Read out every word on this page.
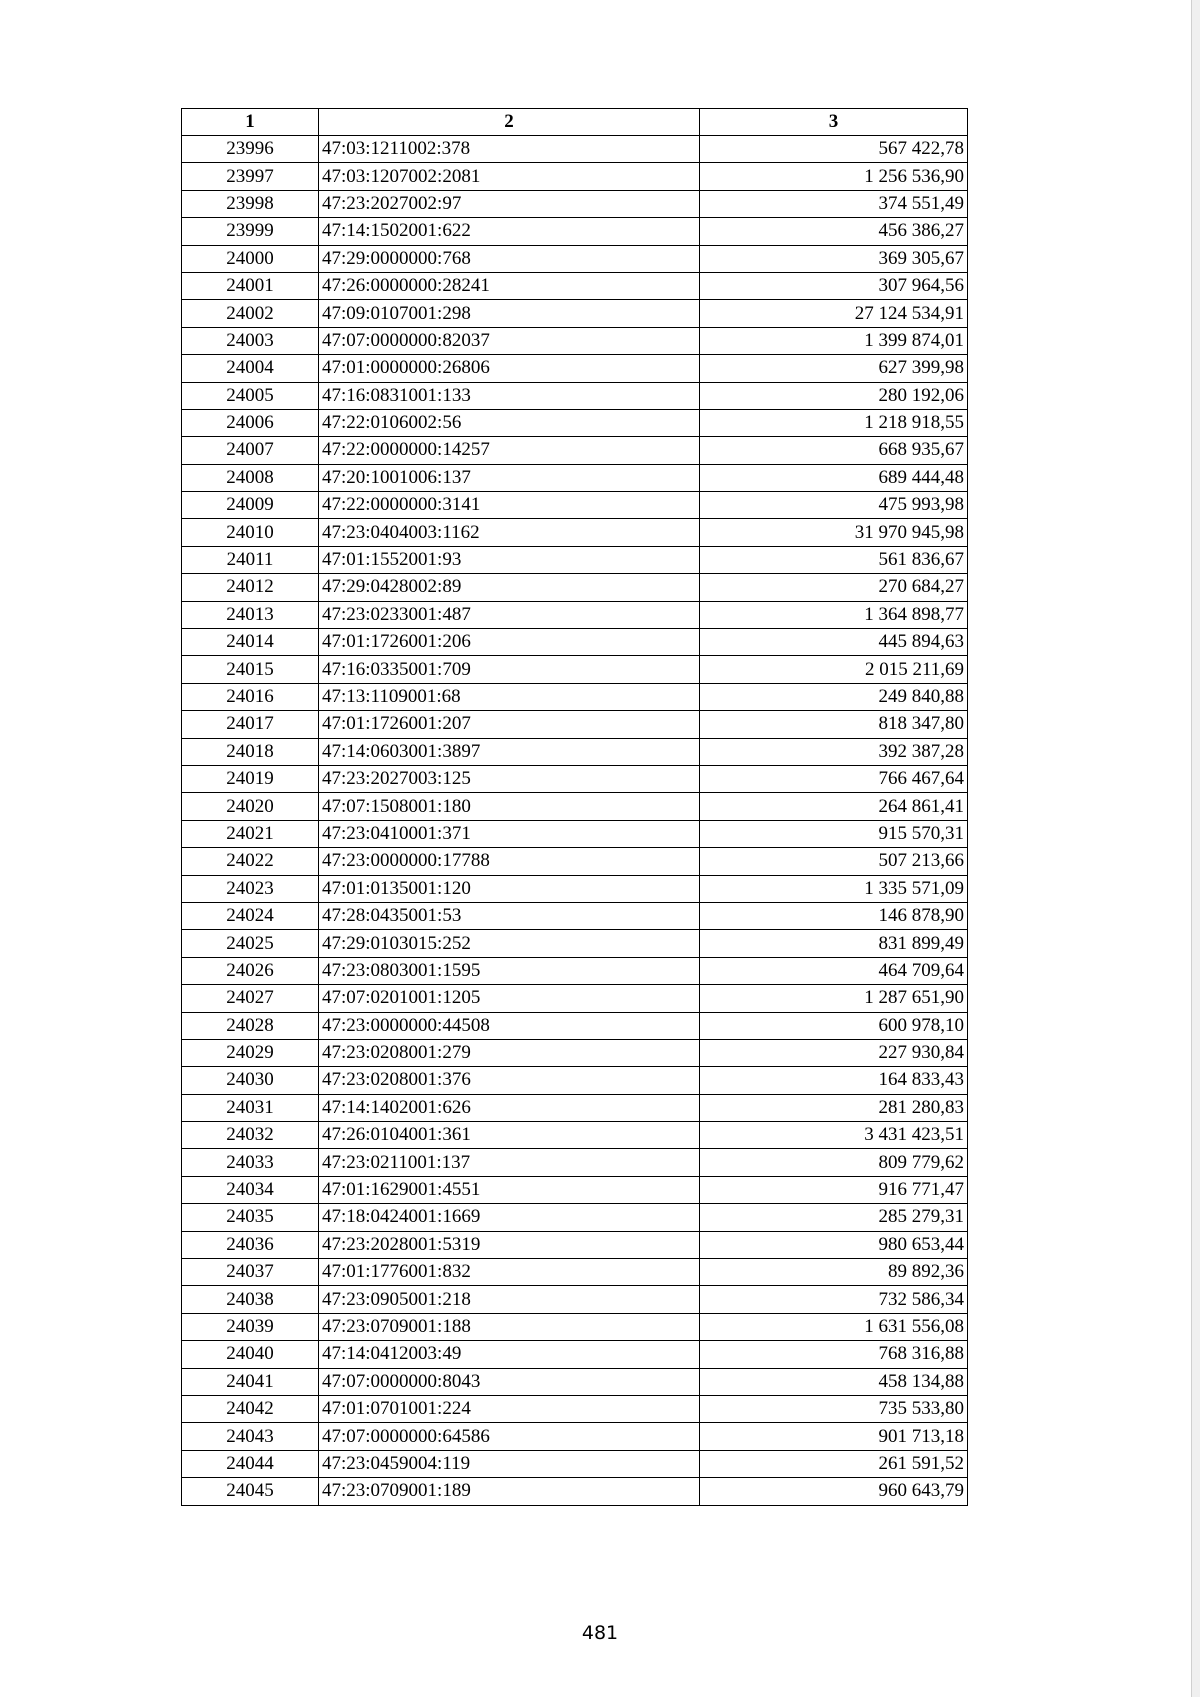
1	2	3
23996	47:03:1211002:378	567 422,78
23997	47:03:1207002:2081	1 256 536,90
23998	47:23:2027002:97	374 551,49
23999	47:14:1502001:622	456 386,27
24000	47:29:0000000:768	369 305,67
24001	47:26:0000000:28241	307 964,56
24002	47:09:0107001:298	27 124 534,91
24003	47:07:0000000:82037	1 399 874,01
24004	47:01:0000000:26806	627 399,98
24005	47:16:0831001:133	280 192,06
24006	47:22:0106002:56	1 218 918,55
24007	47:22:0000000:14257	668 935,67
24008	47:20:1001006:137	689 444,48
24009	47:22:0000000:3141	475 993,98
24010	47:23:0404003:1162	31 970 945,98
24011	47:01:1552001:93	561 836,67
24012	47:29:0428002:89	270 684,27
24013	47:23:0233001:487	1 364 898,77
24014	47:01:1726001:206	445 894,63
24015	47:16:0335001:709	2 015 211,69
24016	47:13:1109001:68	249 840,88
24017	47:01:1726001:207	818 347,80
24018	47:14:0603001:3897	392 387,28
24019	47:23:2027003:125	766 467,64
24020	47:07:1508001:180	264 861,41
24021	47:23:0410001:371	915 570,31
24022	47:23:0000000:17788	507 213,66
24023	47:01:0135001:120	1 335 571,09
24024	47:28:0435001:53	146 878,90
24025	47:29:0103015:252	831 899,49
24026	47:23:0803001:1595	464 709,64
24027	47:07:0201001:1205	1 287 651,90
24028	47:23:0000000:44508	600 978,10
24029	47:23:0208001:279	227 930,84
24030	47:23:0208001:376	164 833,43
24031	47:14:1402001:626	281 280,83
24032	47:26:0104001:361	3 431 423,51
24033	47:23:0211001:137	809 779,62
24034	47:01:1629001:4551	916 771,47
24035	47:18:0424001:1669	285 279,31
24036	47:23:2028001:5319	980 653,44
24037	47:01:1776001:832	89 892,36
24038	47:23:0905001:218	732 586,34
24039	47:23:0709001:188	1 631 556,08
24040	47:14:0412003:49	768 316,88
24041	47:07:0000000:8043	458 134,88
24042	47:01:0701001:224	735 533,80
24043	47:07:0000000:64586	901 713,18
24044	47:23:0459004:119	261 591,52
24045	47:23:0709001:189	960 643,79
481
